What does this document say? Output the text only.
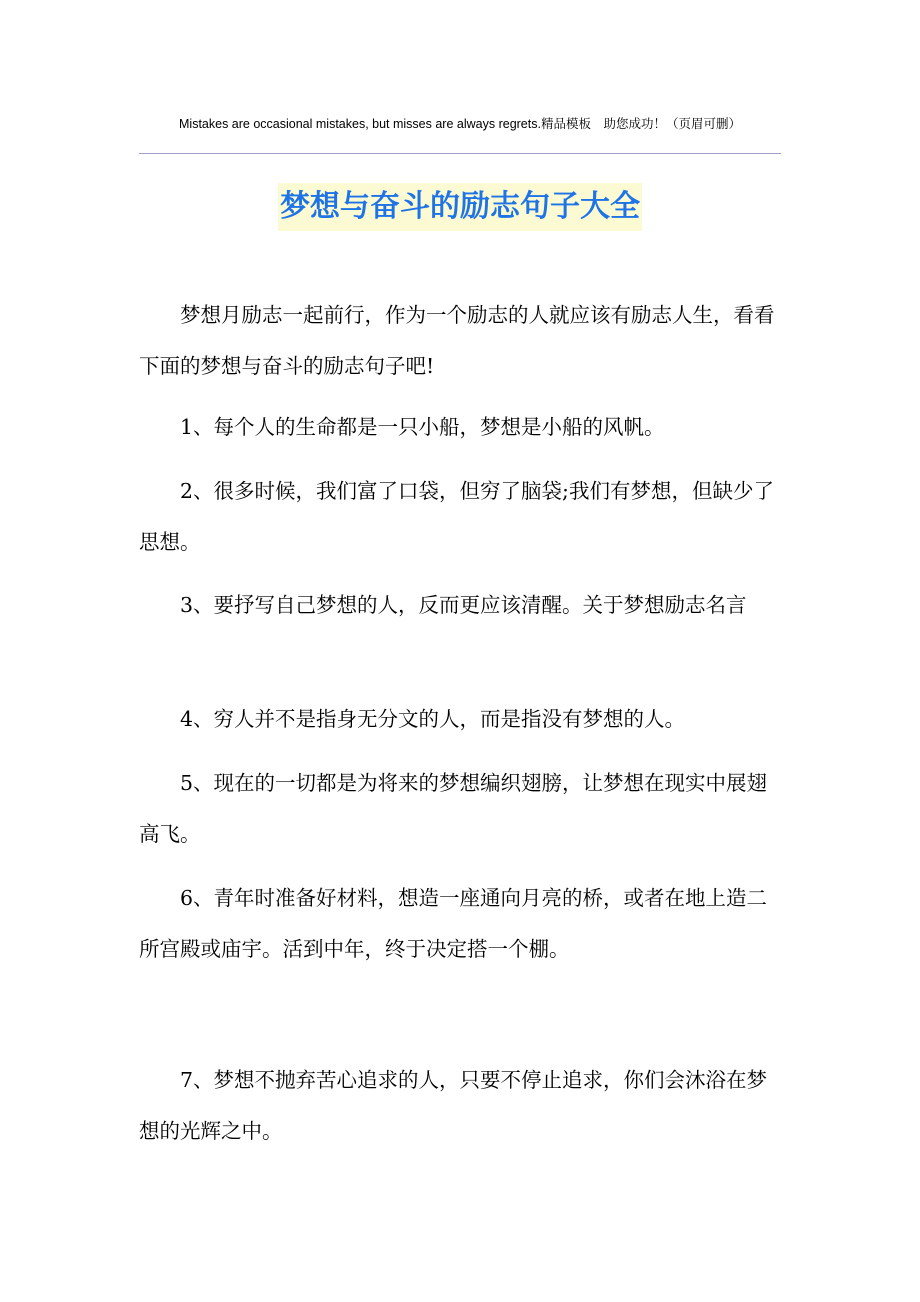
Mistakes are occasional mistakes, but misses are always regrets.精品模板　助您成功！（页眉可删）
梦想与奋斗的励志句子大全

梦想月励志一起前行，作为一个励志的人就应该有励志人生，看看下面的梦想与奋斗的励志句子吧!

1、每个人的生命都是一只小船，梦想是小船的风帆。

2、很多时候，我们富了口袋，但穷了脑袋;我们有梦想，但缺少了思想。

3、要抒写自己梦想的人，反而更应该清醒。关于梦想励志名言

4、穷人并不是指身无分文的人，而是指没有梦想的人。

5、现在的一切都是为将来的梦想编织翅膀，让梦想在现实中展翅高飞。

6、青年时准备好材料，想造一座通向月亮的桥，或者在地上造二所宫殿或庙宇。活到中年，终于决定搭一个棚。

7、梦想不抛弃苦心追求的人，只要不停止追求，你们会沐浴在梦想的光辉之中。
